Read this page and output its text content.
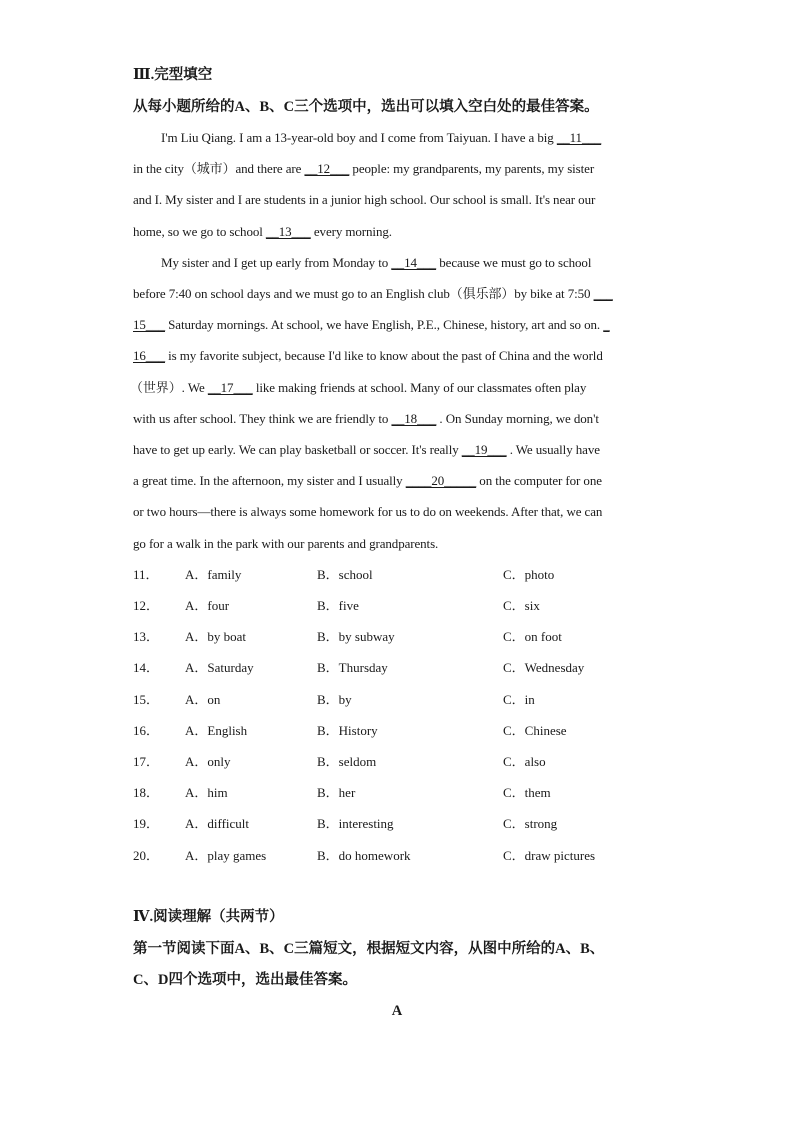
Ⅲ.完型填空
从每小题所给的A、B、C三个选项中，选出可以填入空白处的最佳答案。
I'm Liu Qiang. I am a 13-year-old boy and I come from Taiyuan. I have a big __11___
in the city（城市）and there are __12___ people: my grandparents, my parents, my sister
and I. My sister and I are students in a junior high school. Our school is small. It's near our
home, so we go to school __13___ every morning.
My sister and I get up early from Monday to __14___ because we must go to school
before 7:40 on school days and we must go to an English club（俱乐部）by bike at 7:50 ___
15___ Saturday mornings. At school, we have English, P.E., Chinese, history, art and so on. _
16___ is my favorite subject, because I'd like to know about the past of China and the world
（世界）. We __17___ like making friends at school. Many of our classmates often play
with us after school. They think we are friendly to __18___ . On Sunday morning, we don't
have to get up early. We can play basketball or soccer. It's really __19___ . We usually have
a great time. In the afternoon, my sister and I usually ____20_____ on the computer for one
or two hours—there is always some homework for us to do on weekends. After that, we can
go for a walk in the park with our parents and grandparents.
11． A．family	B．school	C．photo
12． A．four	B．five	C．six
13． A．by boat	B．by subway	C．on foot
14． A．Saturday	B．Thursday	C．Wednesday
15． A．on	B．by	C．in
16． A．English	B．History	C．Chinese
17． A．only	B．seldom	C．also
18． A．him	B．her	C．them
19． A．difficult	B．interesting	C．strong
20． A．play games	B．do homework	C．draw pictures
Ⅳ.阅读理解（共两节）
第一节阅读下面A、B、C三篇短文，根据短文内容，从图中所给的A、B、
C、D四个选项中，选出最佳答案。
A
